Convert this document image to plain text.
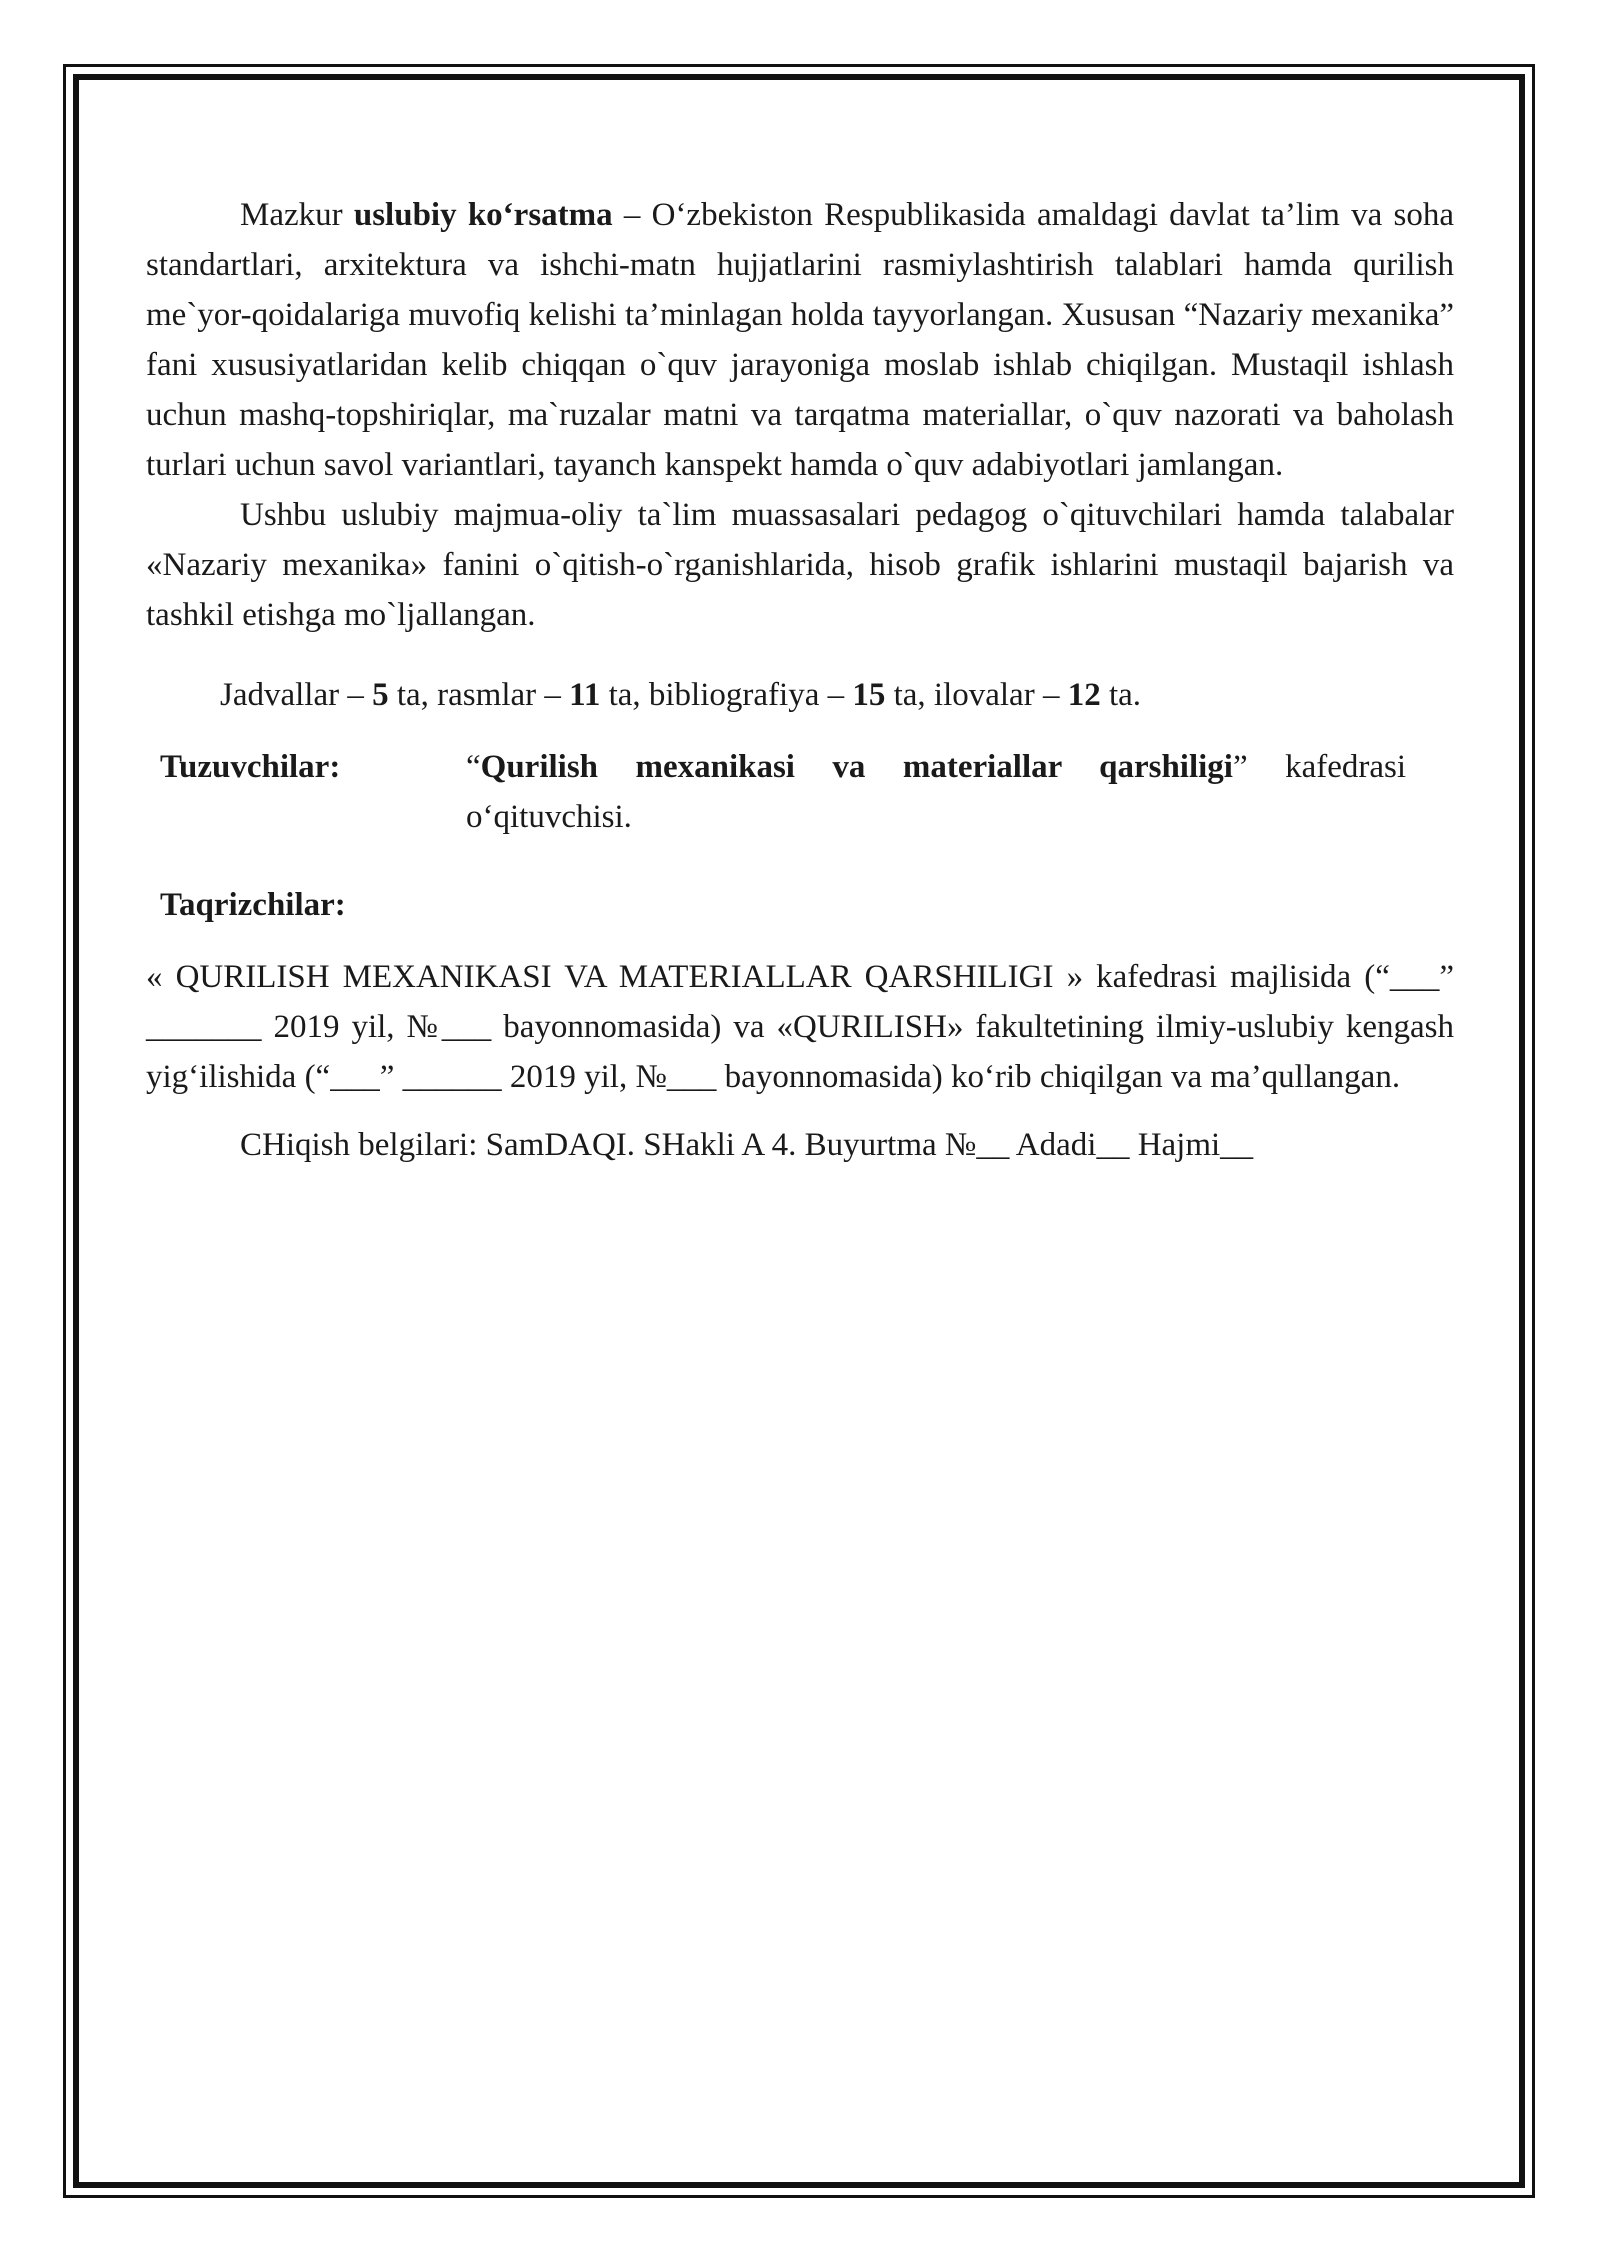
Mazkur uslubiy ko‘rsatma – O‘zbekiston Respublikasida amaldagi davlat ta’lim va soha standartlari, arxitektura va ishchi-matn hujjatlarini rasmiylashtirish talablari hamda qurilish me`yor-qoidalariga muvofiq kelishi ta’minlagan holda tayyorlangan. Xususan “Nazariy mexanika” fani xususiyatlaridan kelib chiqqan o`quv jarayoniga moslab ishlab chiqilgan. Mustaqil ishlash uchun mashq-topshiriqlar, ma`ruzalar matni va tarqatma materiallar, o`quv nazorati va baholash turlari uchun savol variantlari, tayanch kanspekt hamda o`quv adabiyotlari jamlangan.

Ushbu uslubiy majmua-oliy ta`lim muassasalari pedagog o`qituvchilari hamda talabalar «Nazariy mexanika» fanini o`qitish-o`rganishlarida, hisob grafik ishlarini mustaqil bajarish va tashkil etishga mo`ljallangan.

Jadvallar – 5 ta, rasmlar – 11 ta, bibliografiya – 15 ta, ilovalar – 12 ta.
Tuzuvchilar:	“Qurilish mexanikasi va materiallar qarshiligi” kafedrasi o‘qituvchisi.
Taqrizchilar:

« QURILISH MEXANIKASI VA MATERIALLAR QARSHILIGI » kafedrasi majlisida (“___” _______ 2019 yil, №___ bayonnomasida) va «QURILISH» fakultetining ilmiy-uslubiy kengash yig‘ilishida (“___” ______ 2019 yil, №___ bayonnomasida) ko‘rib chiqilgan va ma’qullangan.

CHiqish belgilari: SamDAQI. SHakli A 4. Buyurtma №__ Adadi__ Hajmi__
